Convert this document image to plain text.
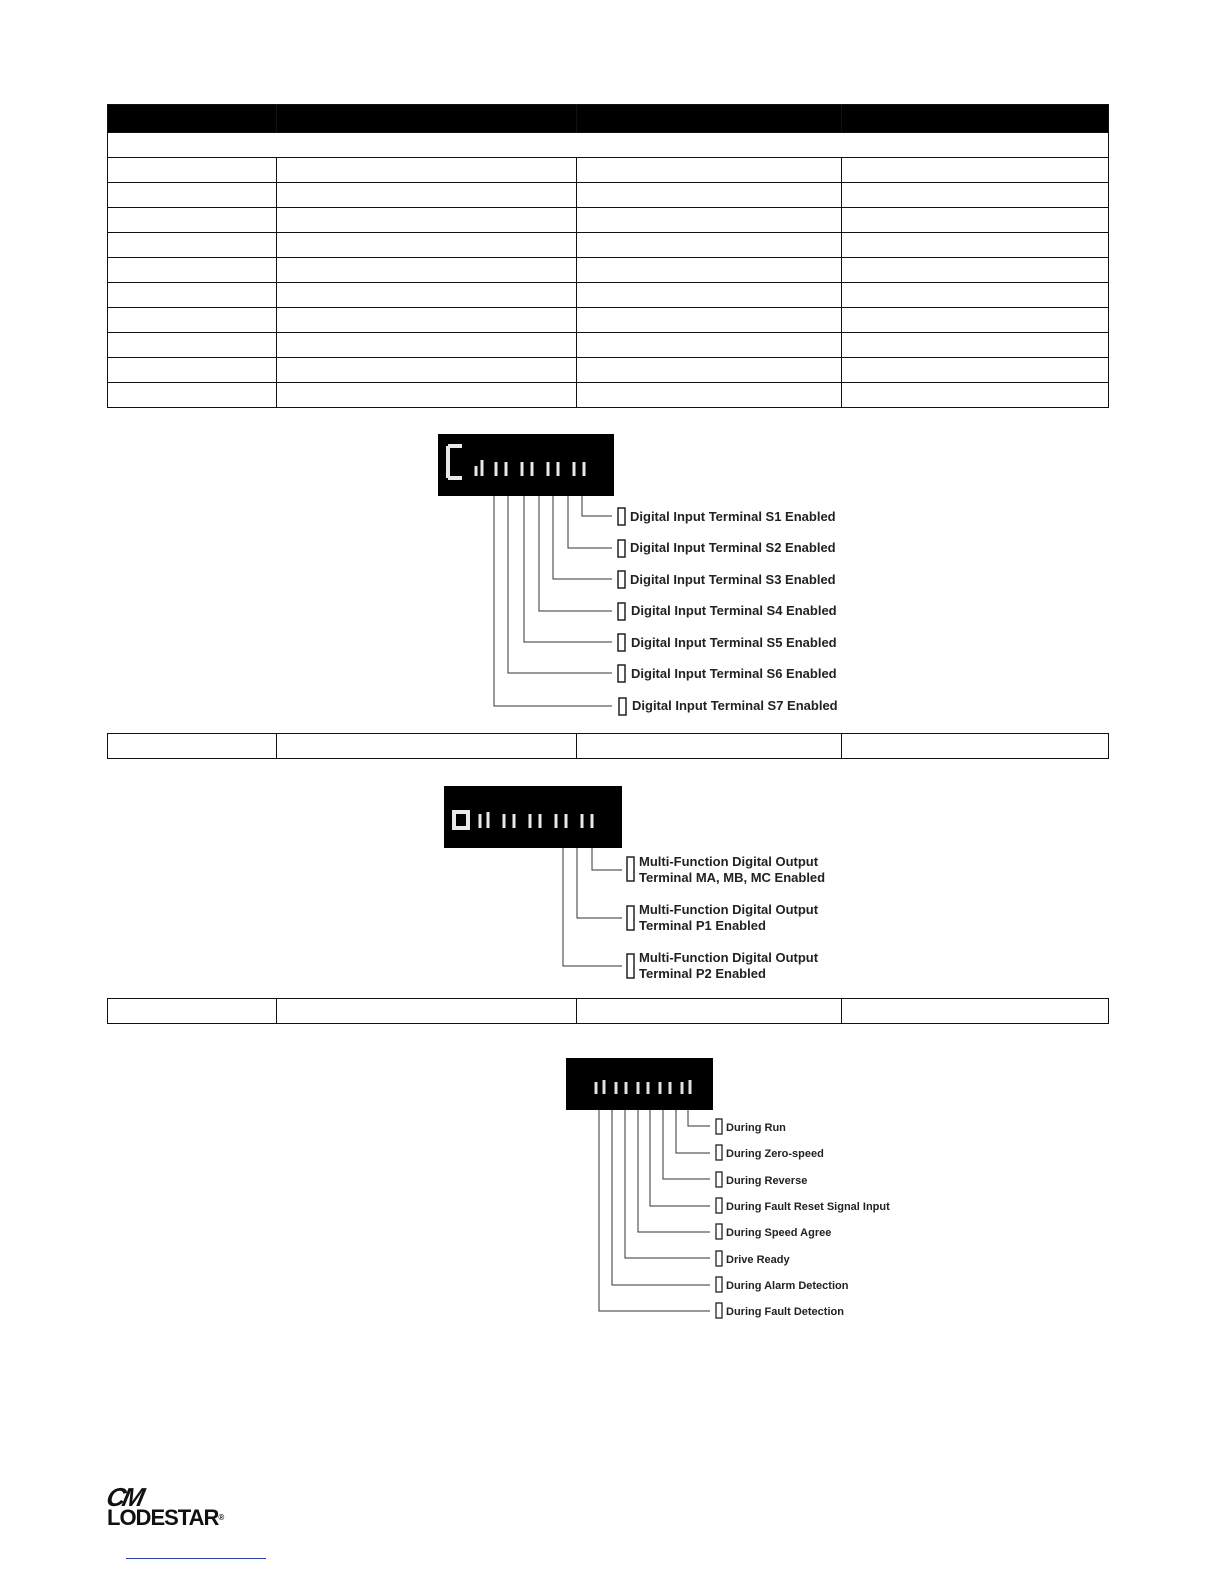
Digital Input Terminal S1 Enabled
Digital Input Terminal S2 Enabled
Digital Input Terminal S3 Enabled
Digital Input Terminal S4 Enabled
Digital Input Terminal S5 Enabled
Digital Input Terminal S6 Enabled
Digital Input Terminal S7 Enabled

Multi-Function Digital Output
Terminal MA, MB, MC Enabled
Multi-Function Digital Output
Terminal P1 Enabled
Multi-Function Digital Output
Terminal P2 Enabled

During Run
During Zero-speed
During Reverse
During Fault Reset Signal Input
During Speed Agree
Drive Ready
During Alarm Detection
During Fault Detection
CM
LODESTAR®
